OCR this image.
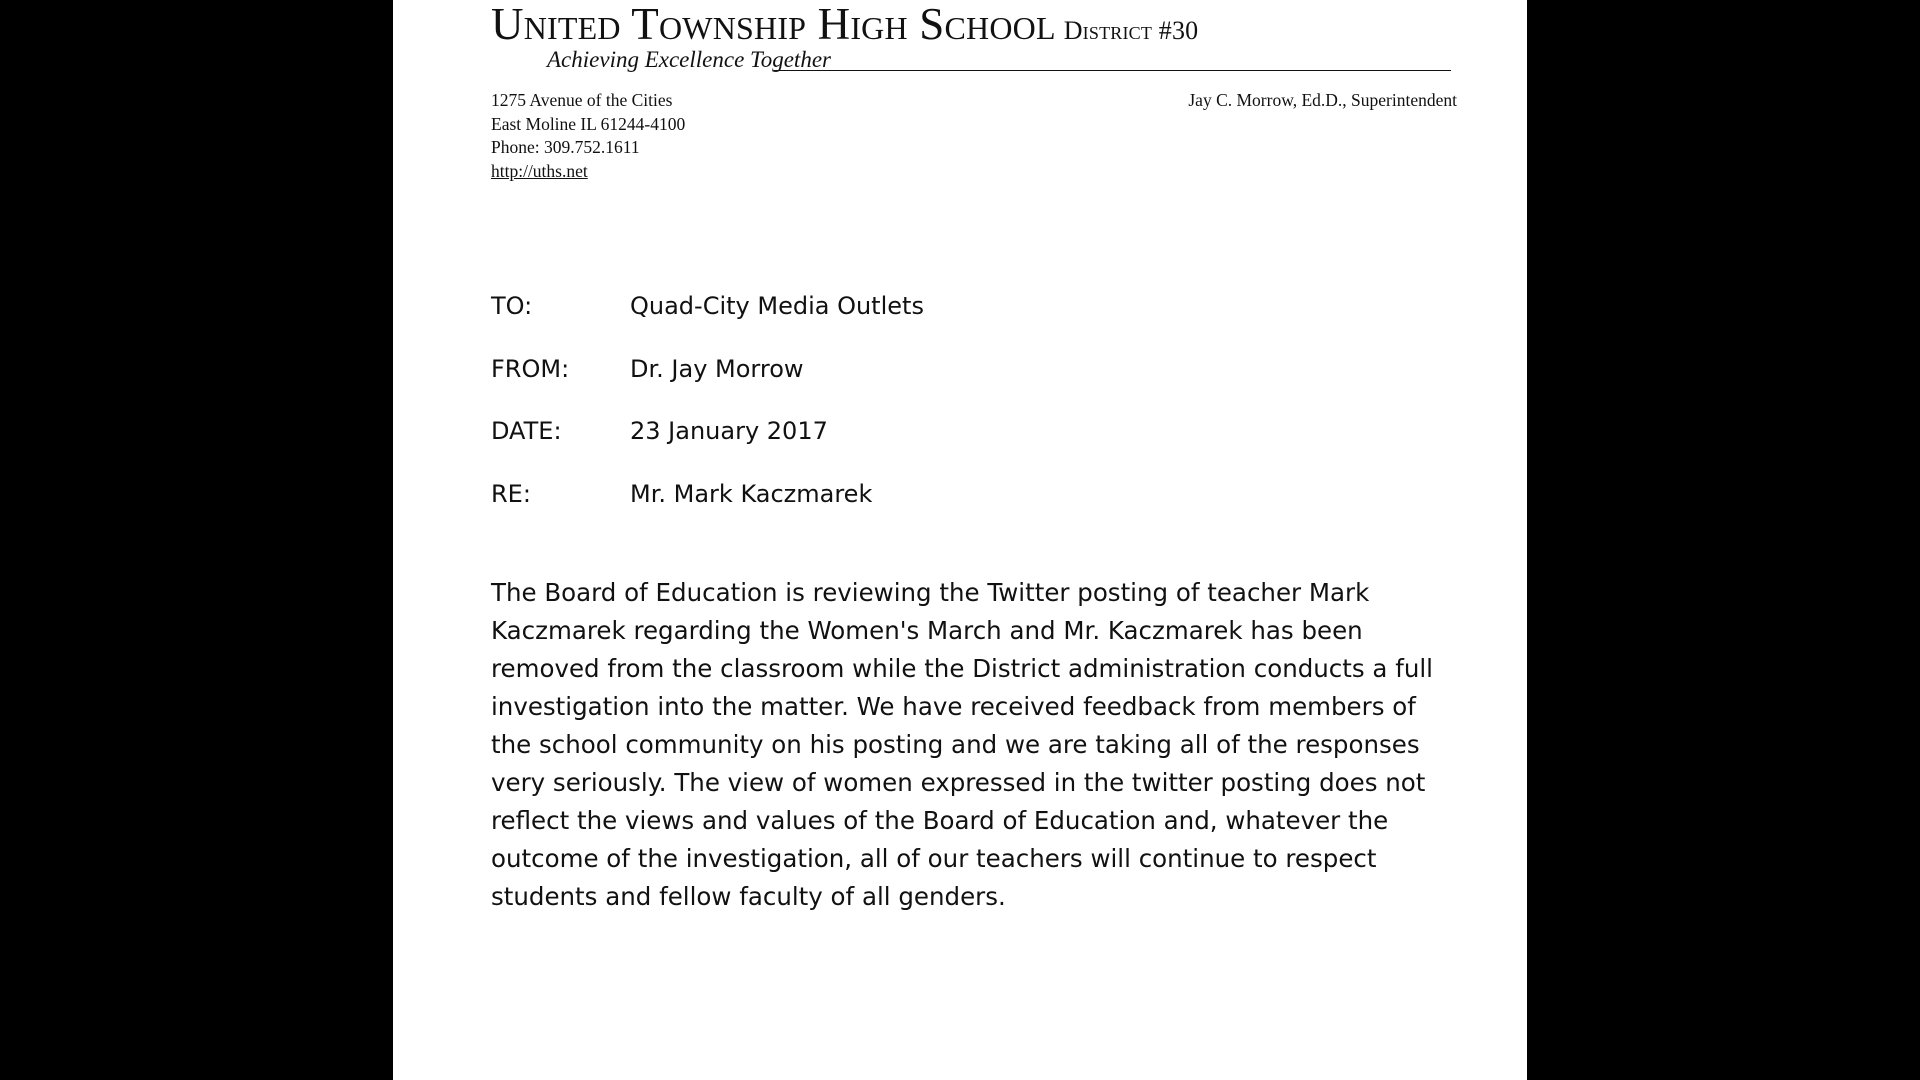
United Township High School District #30
Achieving Excellence Together
1275 Avenue of the Cities
East Moline IL 61244-4100
Phone: 309.752.1611
http://uths.net
Jay C. Morrow, Ed.D., Superintendent
TO:	Quad-City Media Outlets
FROM:	Dr. Jay Morrow
DATE:	23 January 2017
RE:	Mr. Mark Kaczmarek
The Board of Education is reviewing the Twitter posting of teacher Mark
Kaczmarek regarding the Women's March and Mr. Kaczmarek has been
removed from the classroom while the District administration conducts a full
investigation into the matter. We have received feedback from members of
the school community on his posting and we are taking all of the responses
very seriously. The view of women expressed in the twitter posting does not
reflect the views and values of the Board of Education and, whatever the
outcome of the investigation, all of our teachers will continue to respect
students and fellow faculty of all genders.
